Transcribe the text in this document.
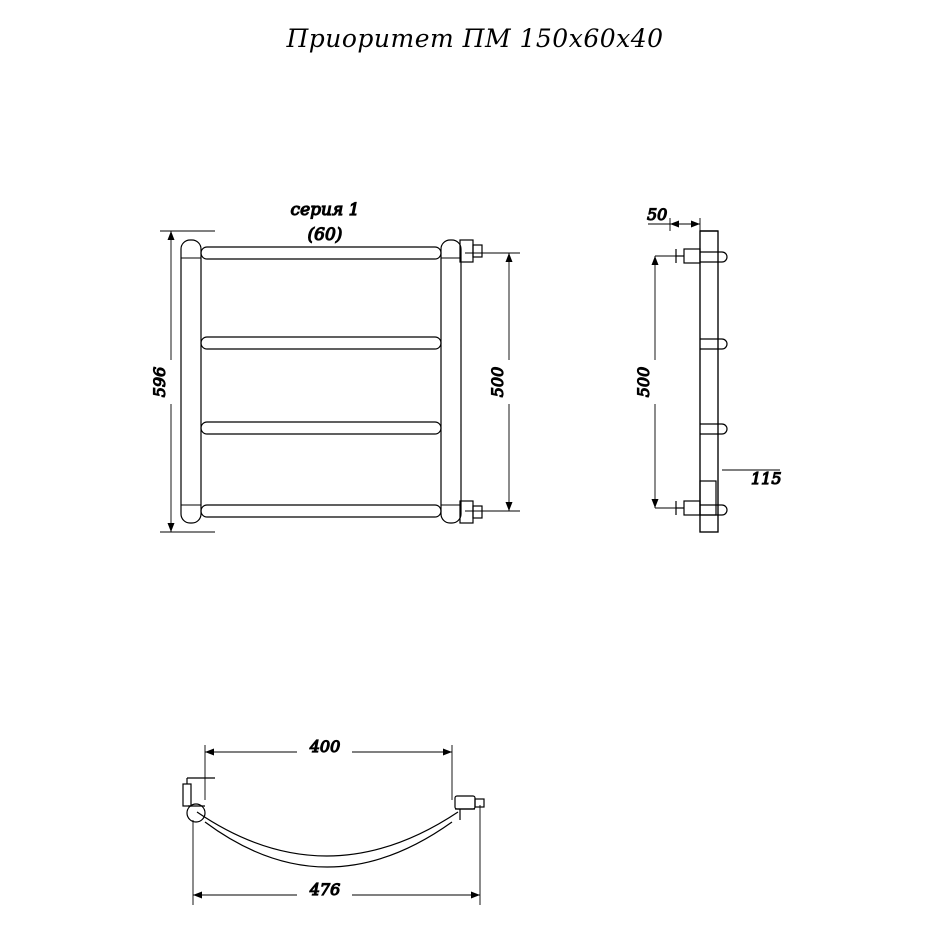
Приоритет ПМ 150х60х40
596	500
серия 1
(60)
50
500
115
400
476
